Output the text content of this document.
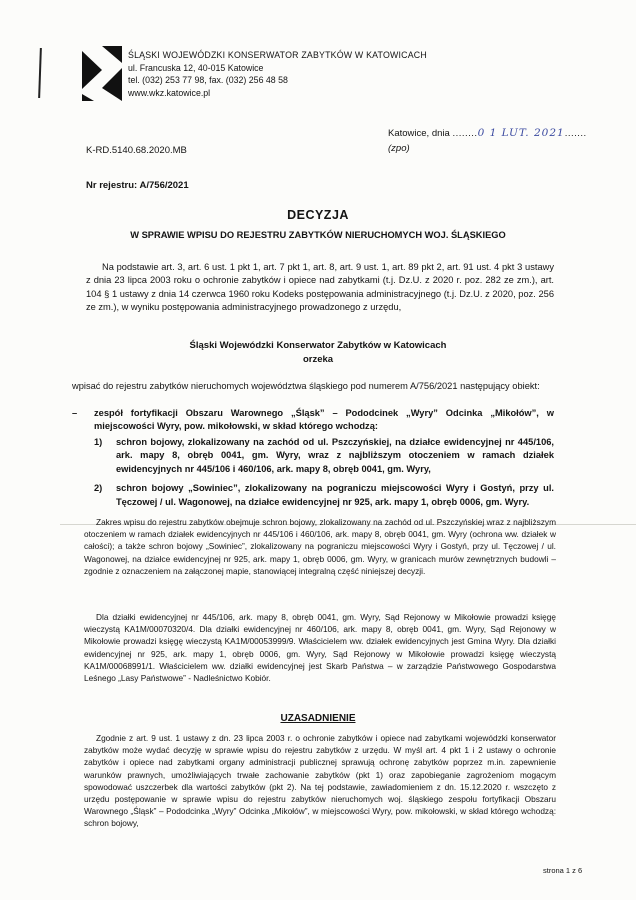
ŚLĄSKI WOJEWÓDZKI KONSERWATOR ZABYTKÓW W KATOWICACH
ul. Francuska 12, 40-015 Katowice
tel. (032) 253 77 98, fax. (032) 256 48 58
www.wkz.katowice.pl
Katowice, dnia ........0 1 LUT. 2021.......
(zpo)
K-RD.5140.68.2020.MB
Nr rejestru: A/756/2021
DECYZJA
W SPRAWIE WPISU DO REJESTRU ZABYTKÓW NIERUCHOMYCH WOJ. ŚLĄSKIEGO

Na podstawie art. 3, art. 6 ust. 1 pkt 1, art. 7 pkt 1, art. 8, art. 9 ust. 1, art. 89 pkt 2, art. 91 ust. 4 pkt 3 ustawy z dnia 23 lipca 2003 roku o ochronie zabytków i opiece nad zabytkami (t.j. Dz.U. z 2020 r. poz. 282 ze zm.), art. 104 § 1 ustawy z dnia 14 czerwca 1960 roku Kodeks postępowania administracyjnego (t.j. Dz.U. z 2020, poz. 256 ze zm.), w wyniku postępowania administracyjnego prowadzonego z urzędu,

Śląski Wojewódzki Konserwator Zabytków w Katowicach
orzeka

wpisać do rejestru zabytków nieruchomych województwa śląskiego pod numerem A/756/2021 następujący obiekt:

–	zespół fortyfikacji Obszaru Warownego „Śląsk” – Pododcinek „Wyry” Odcinka „Mikołów”, w miejscowości Wyry, pow. mikołowski, w skład którego wchodzą:
1)	schron bojowy, zlokalizowany na zachód od ul. Pszczyńskiej, na działce ewidencyjnej nr 445/106, ark. mapy 8, obręb 0041, gm. Wyry, wraz z najbliższym otoczeniem w ramach działek ewidencyjnych nr 445/106 i 460/106, ark. mapy 8, obręb 0041, gm. Wyry,
2)	schron bojowy „Sowiniec”, zlokalizowany na pograniczu miejscowości Wyry i Gostyń, przy ul. Tęczowej / ul. Wagonowej, na działce ewidencyjnej nr 925, ark. mapy 1, obręb 0006, gm. Wyry.

Zakres wpisu do rejestru zabytków obejmuje schron bojowy, zlokalizowany na zachód od ul. Pszczyńskiej wraz z najbliższym otoczeniem w ramach działek ewidencyjnych nr 445/106 i 460/106, ark. mapy 8, obręb 0041, gm. Wyry (ochrona ww. działek w całości); a także schron bojowy „Sowiniec”, zlokalizowany na pograniczu miejscowości Wyry i Gostyń, przy ul. Tęczowej / ul. Wagonowej, na działce ewidencyjnej nr 925, ark. mapy 1, obręb 0006, gm. Wyry, w granicach murów zewnętrznych budowli – zgodnie z oznaczeniem na załączonej mapie, stanowiącej integralną część niniejszej decyzji.

Dla działki ewidencyjnej nr 445/106, ark. mapy 8, obręb 0041, gm. Wyry, Sąd Rejonowy w Mikołowie prowadzi księgę wieczystą KA1M/00070320/4. Dla działki ewidencyjnej nr 460/106, ark. mapy 8, obręb 0041, gm. Wyry, Sąd Rejonowy w Mikołowie prowadzi księgę wieczystą KA1M/00053999/9. Właścicielem ww. działek ewidencyjnych jest Gmina Wyry. Dla działki ewidencyjnej nr 925, ark. mapy 1, obręb 0006, gm. Wyry, Sąd Rejonowy w Mikołowie prowadzi księgę wieczystą KA1M/00068991/1. Właścicielem ww. działki ewidencyjnej jest Skarb Państwa – w zarządzie Państwowego Gospodarstwa Leśnego „Lasy Państwowe” - Nadleśnictwo Kobiór.

UZASADNIENIE

Zgodnie z art. 9 ust. 1 ustawy z dn. 23 lipca 2003 r. o ochronie zabytków i opiece nad zabytkami wojewódzki konserwator zabytków może wydać decyzję w sprawie wpisu do rejestru zabytków z urzędu. W myśl art. 4 pkt 1 i 2 ustawy o ochronie zabytków i opiece nad zabytkami organy administracji publicznej sprawują ochronę zabytków poprzez m.in. zapewnienie warunków prawnych, umożliwiających trwałe zachowanie zabytków (pkt 1) oraz zapobieganie zagrożeniom mogącym spowodować uszczerbek dla wartości zabytków (pkt 2). Na tej podstawie, zawiadomieniem z dn. 15.12.2020 r. wszczęto z urzędu postępowanie w sprawie wpisu do rejestru zabytków nieruchomych woj. śląskiego zespołu fortyfikacji Obszaru Warownego „Śląsk” – Pododcinka „Wyry” Odcinka „Mikołów”, w miejscowości Wyry, pow. mikołowski, w skład którego wchodzą: schron bojowy,

strona 1 z 6
